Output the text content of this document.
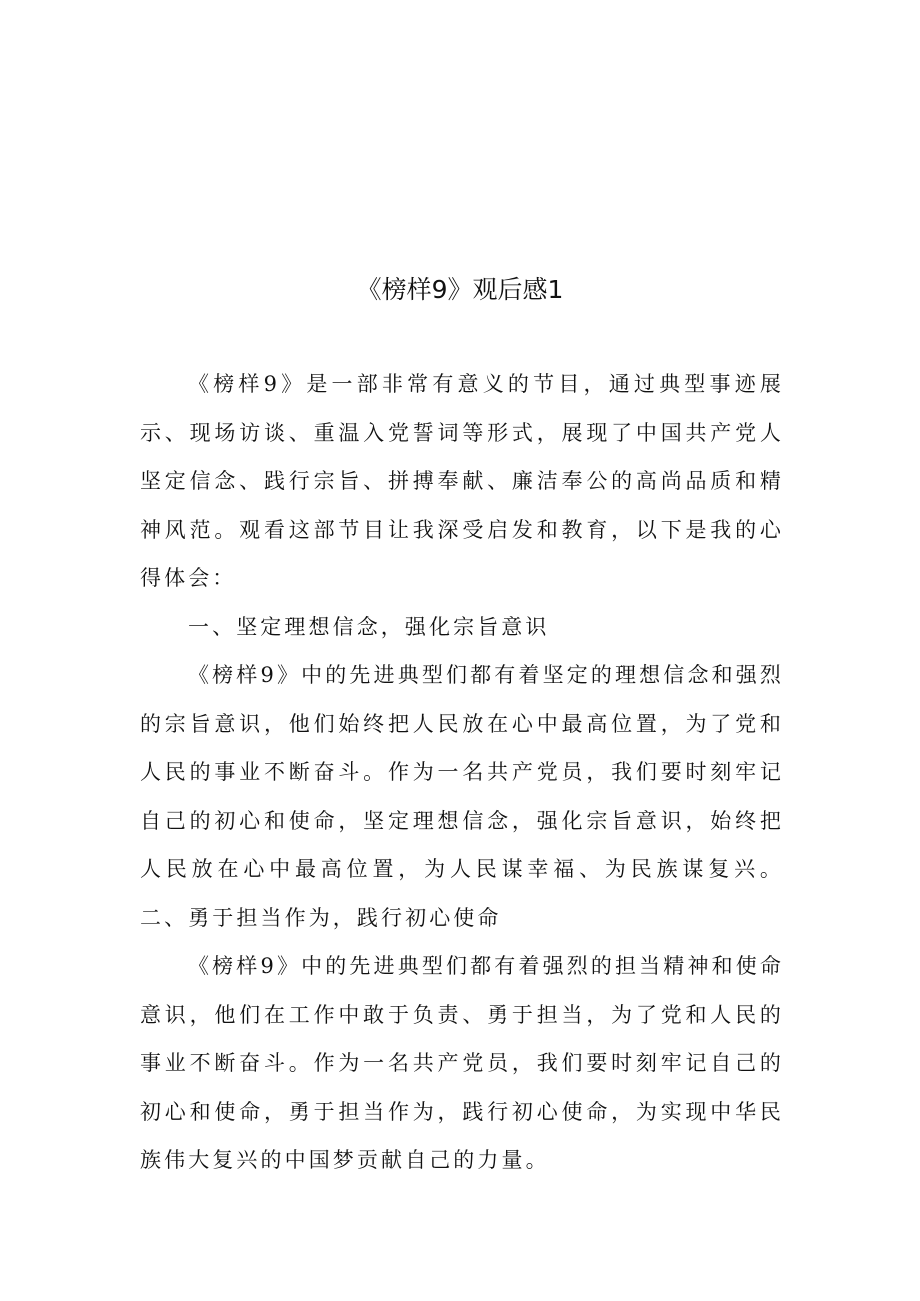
《榜样9》观后感1

《榜样9》是一部非常有意义的节目，通过典型事迹展示、现场访谈、重温入党誓词等形式，展现了中国共产党人坚定信念、践行宗旨、拼搏奉献、廉洁奉公的高尚品质和精神风范。观看这部节目让我深受启发和教育，以下是我的心得体会：

一、坚定理想信念，强化宗旨意识

《榜样9》中的先进典型们都有着坚定的理想信念和强烈的宗旨意识，他们始终把人民放在心中最高位置，为了党和人民的事业不断奋斗。作为一名共产党员，我们要时刻牢记自己的初心和使命，坚定理想信念，强化宗旨意识，始终把人民放在心中最高位置，为人民谋幸福、为民族谋复兴。二、勇于担当作为，践行初心使命

《榜样9》中的先进典型们都有着强烈的担当精神和使命意识，他们在工作中敢于负责、勇于担当，为了党和人民的事业不断奋斗。作为一名共产党员，我们要时刻牢记自己的初心和使命，勇于担当作为，践行初心使命，为实现中华民族伟大复兴的中国梦贡献自己的力量。
